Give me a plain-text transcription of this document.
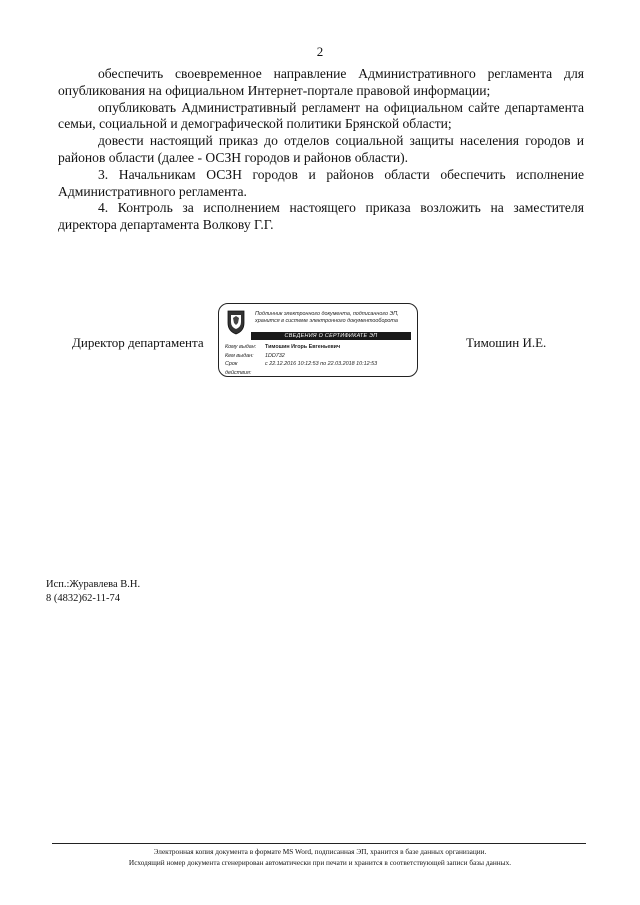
2

обеспечить своевременное направление Административного регламента для опубликования на официальном Интернет-портале правовой информации;

опубликовать Административный регламент на официальном сайте департамента семьи, социальной и демографической политики Брянской области;

довести настоящий приказ до отделов социальной защиты населения городов и районов области (далее - ОСЗН городов и районов области).

3. Начальникам ОСЗН городов и районов области обеспечить исполнение Административного регламента.

4. Контроль за исполнением настоящего приказа возложить на заместителя директора департамента Волкову Г.Г.

Директор департамента
Подлинник электронного документа, подписанного ЭП,
хранится в системе электронного документооборота
СВЕДЕНИЯ О СЕРТИФИКАТЕ ЭП
Кому выдан:	Тимошин Игорь Евгеньевич
Кем выдан:	1DD732
Срок действия:
с 22.12.2016 10:12:53 по 22.03.2018 10:12:53
Тимошин И.Е.
Исп.:Журавлева В.Н.
8 (4832)62-11-74
Электронная копия документа в формате MS Word, подписанная ЭП, хранится в базе данных организации.
Исходящий номер документа сгенерирован автоматически при печати и хранится в соответствующей записи базы данных.
